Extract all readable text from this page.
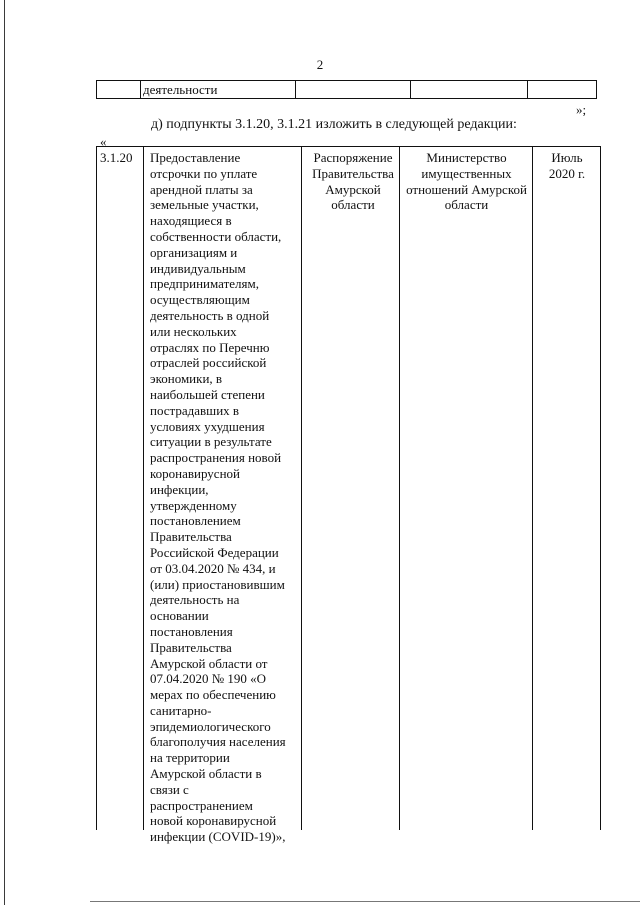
2
деятельности
»;
д) подпункты 3.1.20, 3.1.21 изложить в следующей редакции:
«
3.1.20	Предоставление
отсрочки по уплате
арендной платы за
земельные участки,
находящиеся в
собственности области,
организациям и
индивидуальным
предпринимателям,
осуществляющим
деятельность в одной
или нескольких
отраслях по Перечню
отраслей российской
экономики, в
наибольшей степени
пострадавших в
условиях ухудшения
ситуации в результате
распространения новой
коронавирусной
инфекции,
утвержденному
постановлением
Правительства
Российской Федерации
от 03.04.2020 № 434, и
(или) приостановившим
деятельность на
основании
постановления
Правительства
Амурской области от
07.04.2020 № 190 «О
мерах по обеспечению
санитарно-
эпидемиологического
благополучия населения
на территории
Амурской области в
связи с
распространением
новой коронавирусной
инфекции (COVID-19)»,
Распоряжение
Правительства
Амурской
области
Министерство
имущественных
отношений Амурской
области
Июль
2020 г.
